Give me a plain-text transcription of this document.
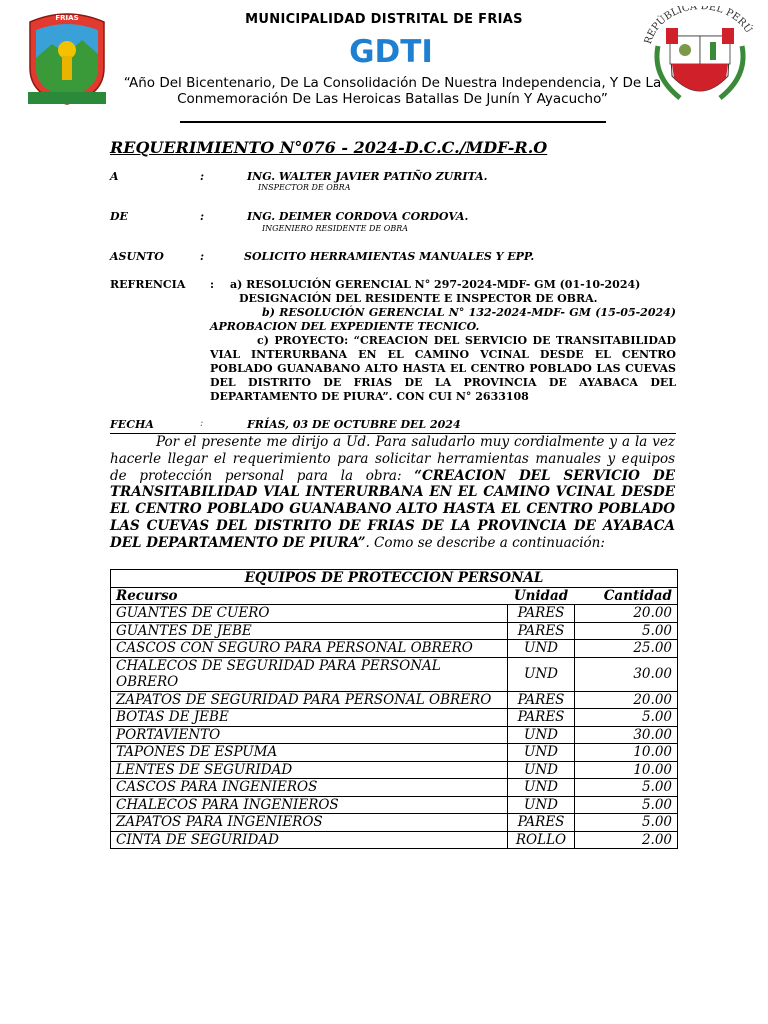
FRIAS
REPÚBLICA DEL PERÚ
MUNICIPALIDAD DISTRITAL DE FRIAS
GDTI
“Año Del Bicentenario, De La Consolidación De Nuestra Independencia, Y De La Conmemoración De Las Heroicas Batallas De Junín Y Ayacucho”
REQUERIMIENTO N°076 - 2024-D.C.C./MDF-R.O
A	:	ING. WALTER JAVIER PATIÑO ZURITA.
INSPECTOR DE OBRA
DE	:	ING. DEIMER CORDOVA CORDOVA.
INGENIERO RESIDENTE DE OBRA
ASUNTO	:	SOLICITO HERRAMIENTAS MANUALES Y EPP.
REFRENCIA : a) RESOLUCIÓN GERENCIAL N° 297-2024-MDF- GM (01-10-2024)
DESIGNACIÓN DEL RESIDENTE E INSPECTOR DE OBRA.
b) RESOLUCIÓN GERENCIAL N° 132-2024-MDF- GM (15-05-2024)
APROBACION DEL EXPEDIENTE TECNICO.
c) PROYECTO: “CREACION DEL SERVICIO DE TRANSITABILIDAD VIAL INTERURBANA EN EL CAMINO VCINAL DESDE EL CENTRO POBLADO GUANABANO ALTO HASTA EL CENTRO POBLADO LAS CUEVAS DEL DISTRITO DE FRIAS DE LA PROVINCIA DE AYABACA DEL DEPARTAMENTO DE PIURA”. CON CUI N° 2633108
FECHA	:	FRÍAS, 03 DE OCTUBRE DEL 2024
Por el presente me dirijo a Ud. Para saludarlo muy cordialmente y a la vez hacerle llegar el requerimiento para solicitar herramientas manuales y equipos de protección personal para la obra: “CREACION DEL SERVICIO DE TRANSITABILIDAD VIAL INTERURBANA EN EL CAMINO VCINAL DESDE EL CENTRO POBLADO GUANABANO ALTO HASTA EL CENTRO POBLADO LAS CUEVAS DEL DISTRITO DE FRIAS DE LA PROVINCIA DE AYABACA DEL DEPARTAMENTO DE PIURA”. Como se describe a continuación:
EQUIPOS DE PROTECCION PERSONAL		
Recurso	Unidad	Cantidad
GUANTES DE CUERO	PARES	20.00
GUANTES DE JEBE	PARES	5.00
CASCOS CON SEGURO PARA PERSONAL OBRERO	UND	25.00
CHALECOS DE SEGURIDAD PARA PERSONAL OBRERO	UND	30.00
ZAPATOS DE SEGURIDAD PARA PERSONAL OBRERO	PARES	20.00
BOTAS DE JEBE	PARES	5.00
PORTAVIENTO	UND	30.00
TAPONES DE ESPUMA	UND	10.00
LENTES DE SEGURIDAD	UND	10.00
CASCOS PARA INGENIEROS	UND	5.00
CHALECOS PARA INGENIEROS	UND	5.00
ZAPATOS PARA INGENIEROS	PARES	5.00
CINTA DE SEGURIDAD	ROLLO	2.00
